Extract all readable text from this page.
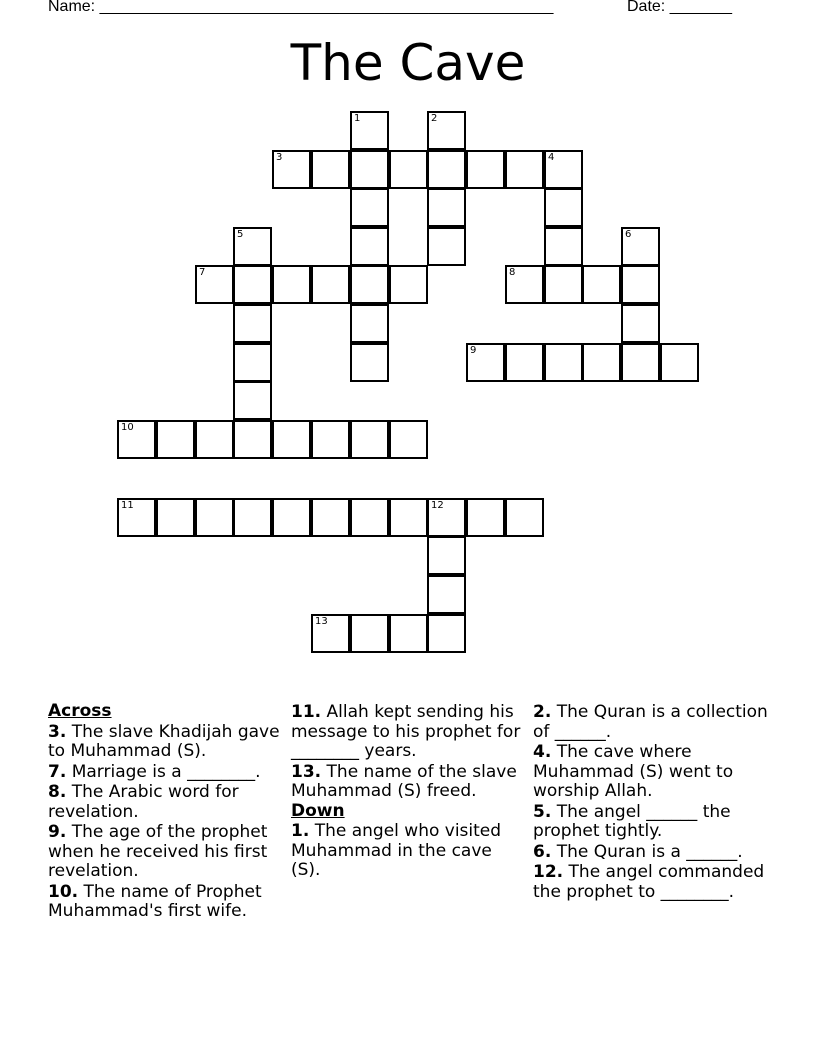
Name: ___________________________________________________	Date: _______
The Cave
1	2
3	4
5	6
7	8
9
10
11	12
13
Across
3. The slave Khadijah gave to Muhammad (S).
7. Marriage is a ________.
8. The Arabic word for revelation.
9. The age of the prophet when he received his first revelation.
10. The name of Prophet Muhammad's first wife.
11. Allah kept sending his message to his prophet for ________ years.
13. The name of the slave Muhammad (S) freed.
Down
1. The angel who visited Muhammad in the cave (S).
2. The Quran is a collection of ______.
4. The cave where Muhammad (S) went to worship Allah.
5. The angel ______ the prophet tightly.
6. The Quran is a ______.
12. The angel commanded the prophet to ________.
